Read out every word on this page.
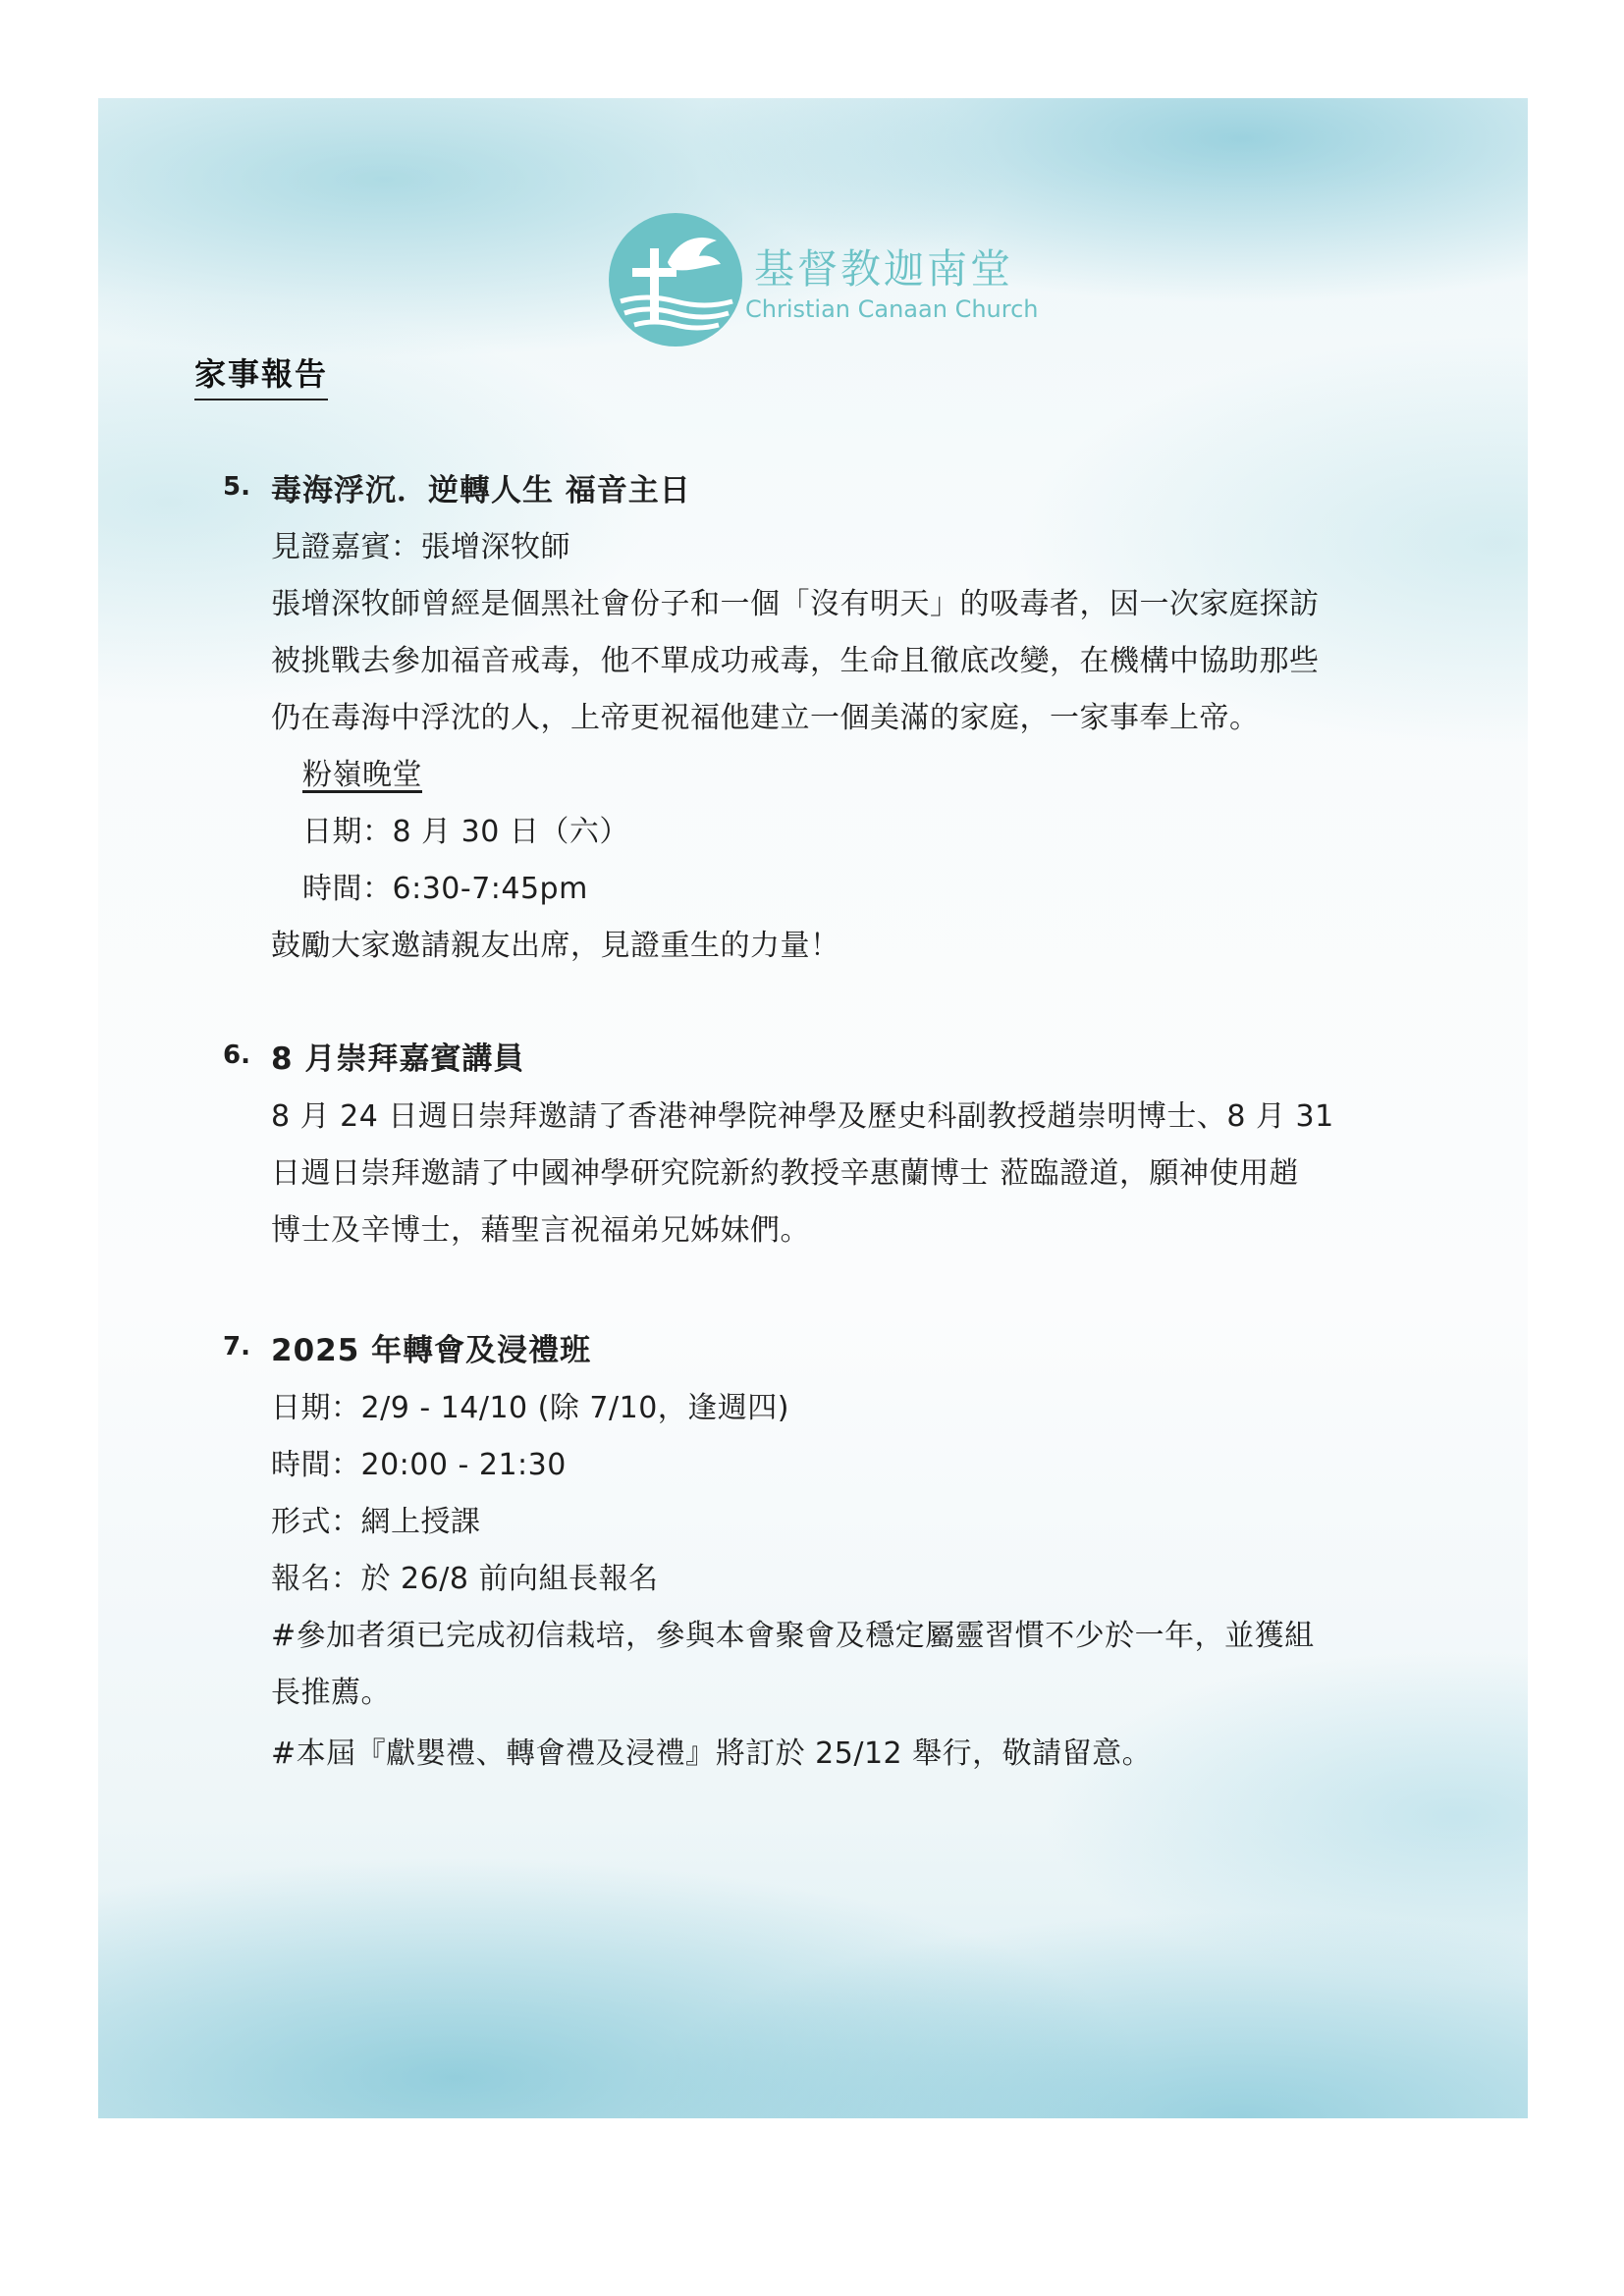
基督教迦南堂
Christian Canaan Church
家事報告
5. 毒海浮沉．逆轉人生 福音主日
見證嘉賓：張增深牧師
張增深牧師曾經是個黑社會份子和一個「沒有明天」的吸毒者，因一次家庭探訪
被挑戰去參加福音戒毒，他不單成功戒毒，生命且徹底改變，在機構中協助那些
仍在毒海中浮沈的人，上帝更祝福他建立一個美滿的家庭，一家事奉上帝。
粉嶺晚堂
日期：8 月 30 日（六）
時間：6:30-7:45pm
鼓勵大家邀請親友出席，見證重生的力量！
6. 8 月崇拜嘉賓講員
8 月 24 日週日崇拜邀請了香港神學院神學及歷史科副教授趙崇明博士、8 月 31
日週日崇拜邀請了中國神學研究院新約教授辛惠蘭博士 蒞臨證道，願神使用趙
博士及辛博士，藉聖言祝福弟兄姊妹們。
7. 2025 年轉會及浸禮班
日期：2/9 - 14/10 (除 7/10，逢週四)
時間：20:00 - 21:30
形式：網上授課
報名：於 26/8 前向組長報名
#參加者須已完成初信栽培，參與本會聚會及穩定屬靈習慣不少於一年，並獲組
長推薦。
#本屆『獻嬰禮、轉會禮及浸禮』將訂於 25/12 舉行，敬請留意。
